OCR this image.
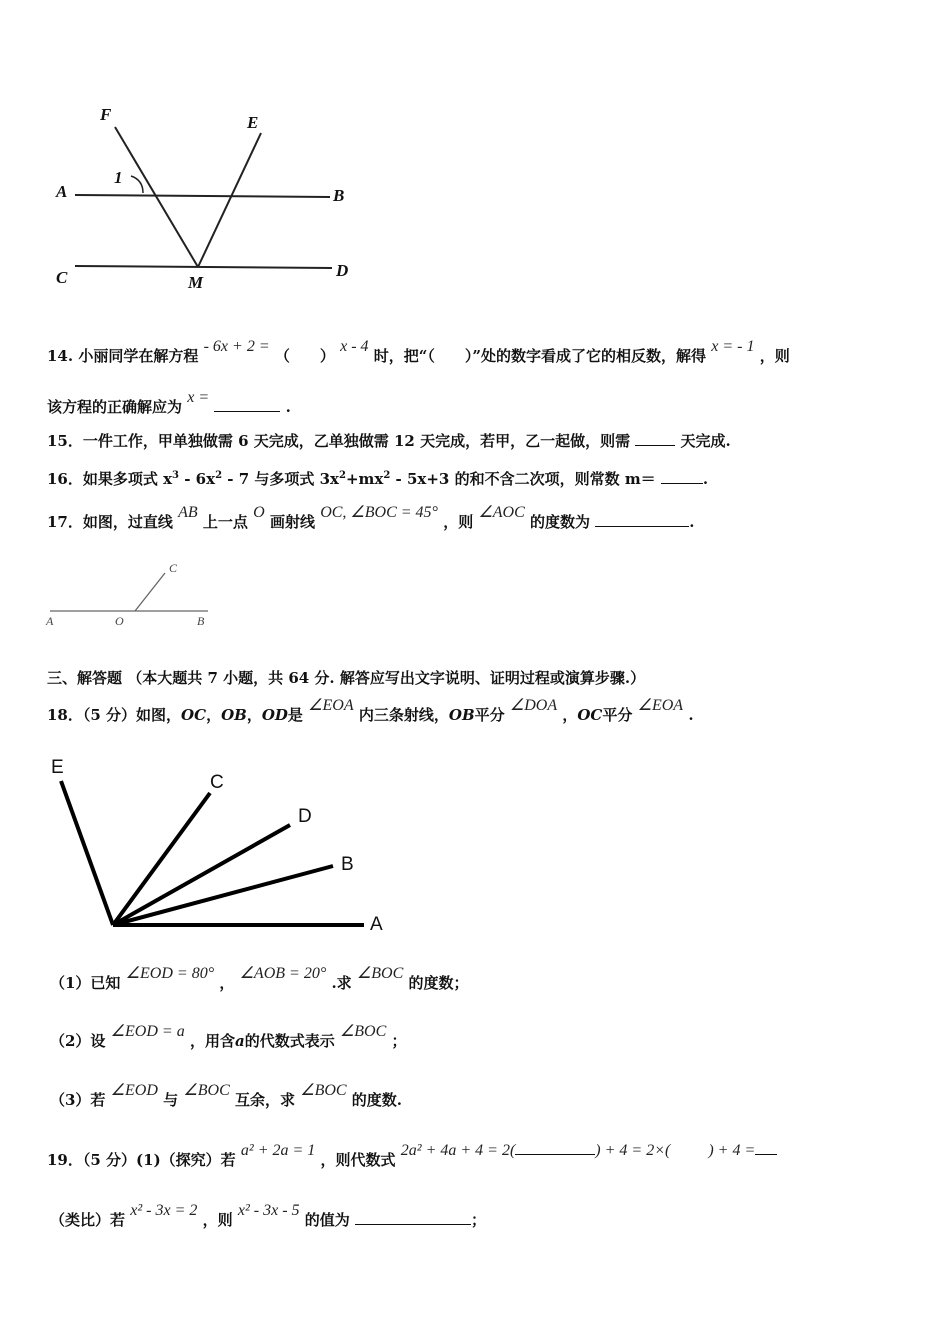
F	E
A	B
C	D
M
1
14. 小丽同学在解方程 - 6x + 2 = （　　） x - 4 时，把“（　　）”处的数字看成了它的相反数，解得 x = - 1 ，则
该方程的正确解应为 x =  .
15．一件工作，甲单独做需 6 天完成，乙单独做需 12 天完成，若甲，乙一起做，则需	天完成.
16．如果多项式 $x^3 - 6x^2 - 7$ 与多项式 $3x^2+mx^2 - 5x+3$ 的和不含二次项，则常数 m＝	.
17．如图，过直线 AB 上一点 O 画射线 OC, ∠BOC = 45° ，则 ∠AOC 的度数为	.
A	O	B
C
三、解答题 （本大题共 7 小题，共 64 分. 解答应写出文字说明、证明过程或演算步骤.）
18．（5 分）如图，OC，OB，OD是 ∠EOA 内三条射线，OB平分 ∠DOA ，OC平分 ∠EOA .
E
C
D
B
A
（1）已知 ∠EOD = 80° ， ∠AOB = 20° .求 ∠BOC 的度数；
（2）设 ∠EOD = a ，用含a的代数式表示 ∠BOC ；
（3）若 ∠EOD 与 ∠BOC 互余，求 ∠BOC 的度数.
19．（5 分）(1)（探究）若 a² + 2a = 1 ，则代数式 2a² + 4a + 4 = 2(	) + 4 = 2×( ) + 4 =
（类比）若 x² - 3x = 2 ，则 x² - 3x - 5 的值为	；
